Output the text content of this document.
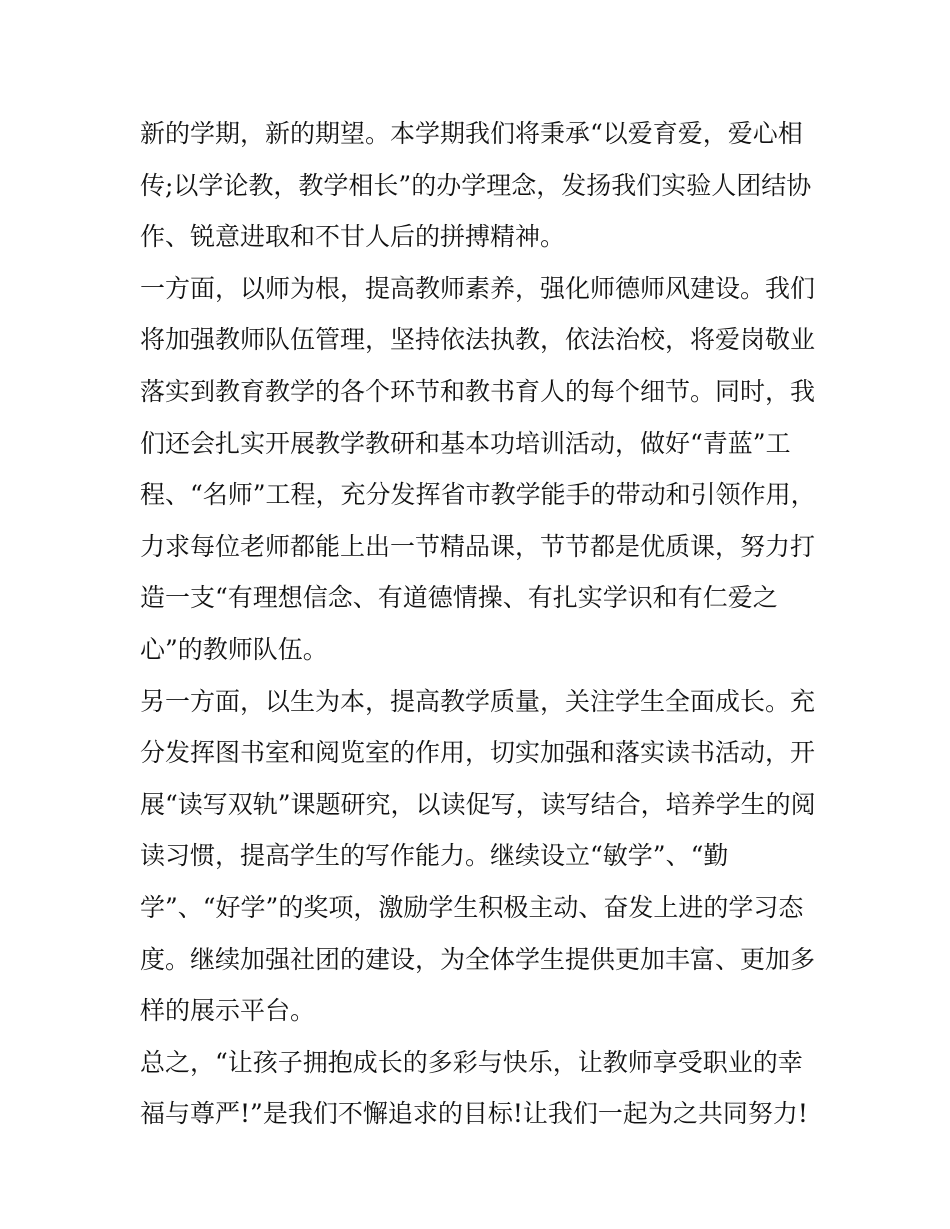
新的学期，新的期望。本学期我们将秉承“以爱育爱，爱心相
传;以学论教，教学相长”的办学理念，发扬我们实验人团结协
作、锐意进取和不甘人后的拼搏精神。
一方面，以师为根，提高教师素养，强化师德师风建设。我们
将加强教师队伍管理，坚持依法执教，依法治校，将爱岗敬业
落实到教育教学的各个环节和教书育人的每个细节。同时，我
们还会扎实开展教学教研和基本功培训活动，做好“青蓝”工
程、“名师”工程，充分发挥省市教学能手的带动和引领作用，
力求每位老师都能上出一节精品课，节节都是优质课，努力打
造一支“有理想信念、有道德情操、有扎实学识和有仁爱之
心”的教师队伍。
另一方面，以生为本，提高教学质量，关注学生全面成长。充
分发挥图书室和阅览室的作用，切实加强和落实读书活动，开
展“读写双轨”课题研究，以读促写，读写结合，培养学生的阅
读习惯，提高学生的写作能力。继续设立“敏学”、“勤
学”、“好学”的奖项，激励学生积极主动、奋发上进的学习态
度。继续加强社团的建设，为全体学生提供更加丰富、更加多
样的展示平台。
总之，“让孩子拥抱成长的多彩与快乐，让教师享受职业的幸
福与尊严!”是我们不懈追求的目标!让我们一起为之共同努力!
